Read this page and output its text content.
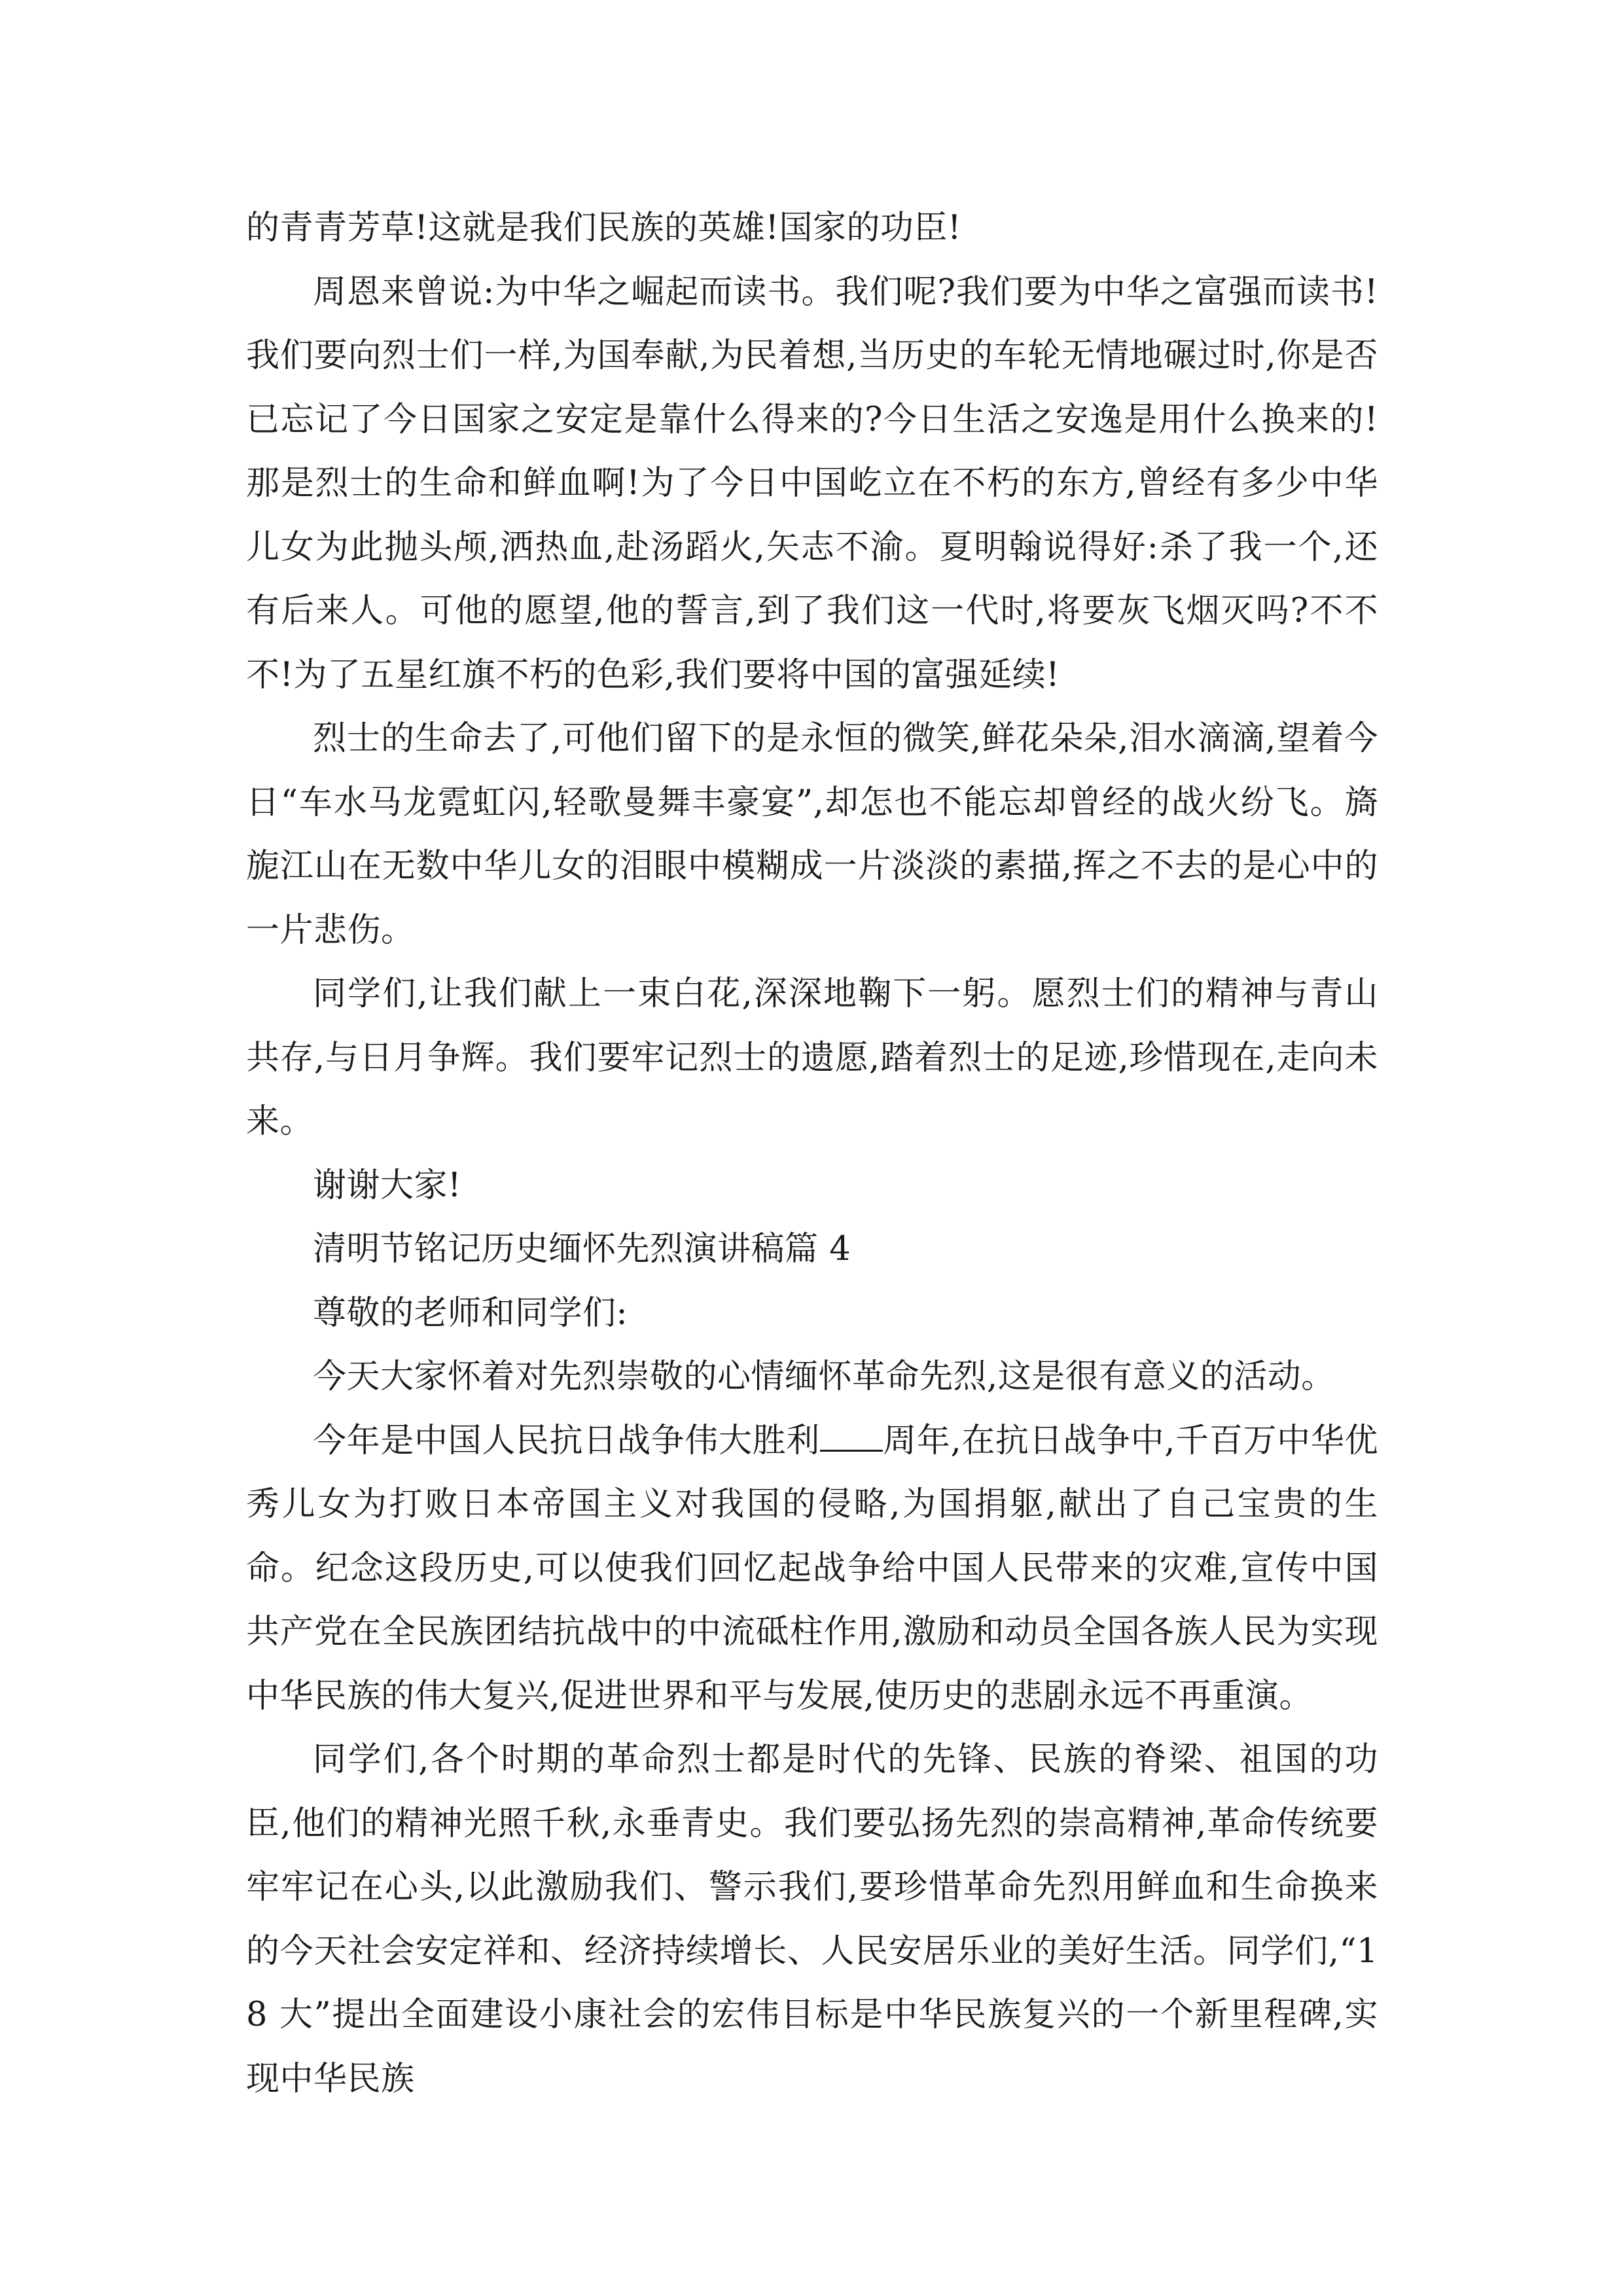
的青青芳草!这就是我们民族的英雄!国家的功臣!

周恩来曾说:为中华之崛起而读书。我们呢?我们要为中华之富强而读书!我们要向烈士们一样,为国奉献,为民着想,当历史的车轮无情地碾过时,你是否已忘记了今日国家之安定是靠什么得来的?今日生活之安逸是用什么换来的!那是烈士的生命和鲜血啊!为了今日中国屹立在不朽的东方,曾经有多少中华儿女为此抛头颅,洒热血,赴汤蹈火,矢志不渝。夏明翰说得好:杀了我一个,还有后来人。可他的愿望,他的誓言,到了我们这一代时,将要灰飞烟灭吗?不不不!为了五星红旗不朽的色彩,我们要将中国的富强延续!

烈士的生命去了,可他们留下的是永恒的微笑,鲜花朵朵,泪水滴滴,望着今日“车水马龙霓虹闪,轻歌曼舞丰豪宴”,却怎也不能忘却曾经的战火纷飞。旖旎江山在无数中华儿女的泪眼中模糊成一片淡淡的素描,挥之不去的是心中的一片悲伤。

同学们,让我们献上一束白花,深深地鞠下一躬。愿烈士们的精神与青山共存,与日月争辉。我们要牢记烈士的遗愿,踏着烈士的足迹,珍惜现在,走向未来。

谢谢大家!

清明节铭记历史缅怀先烈演讲稿篇 4

尊敬的老师和同学们:

今天大家怀着对先烈崇敬的心情缅怀革命先烈,这是很有意义的活动。

今年是中国人民抗日战争伟大胜利 周年,在抗日战争中,千百万中华优秀儿女为打败日本帝国主义对我国的侵略,为国捐躯,献出了自己宝贵的生命。纪念这段历史,可以使我们回忆起战争给中国人民带来的灾难,宣传中国共产党在全民族团结抗战中的中流砥柱作用,激励和动员全国各族人民为实现中华民族的伟大复兴,促进世界和平与发展,使历史的悲剧永远不再重演。

同学们,各个时期的革命烈士都是时代的先锋、民族的脊梁、祖国的功臣,他们的精神光照千秋,永垂青史。我们要弘扬先烈的崇高精神,革命传统要牢牢记在心头,以此激励我们、警示我们,要珍惜革命先烈用鲜血和生命换来的今天社会安定祥和、经济持续增长、人民安居乐业的美好生活。同学们,“18 大”提出全面建设小康社会的宏伟目标是中华民族复兴的一个新里程碑,实现中华民族
